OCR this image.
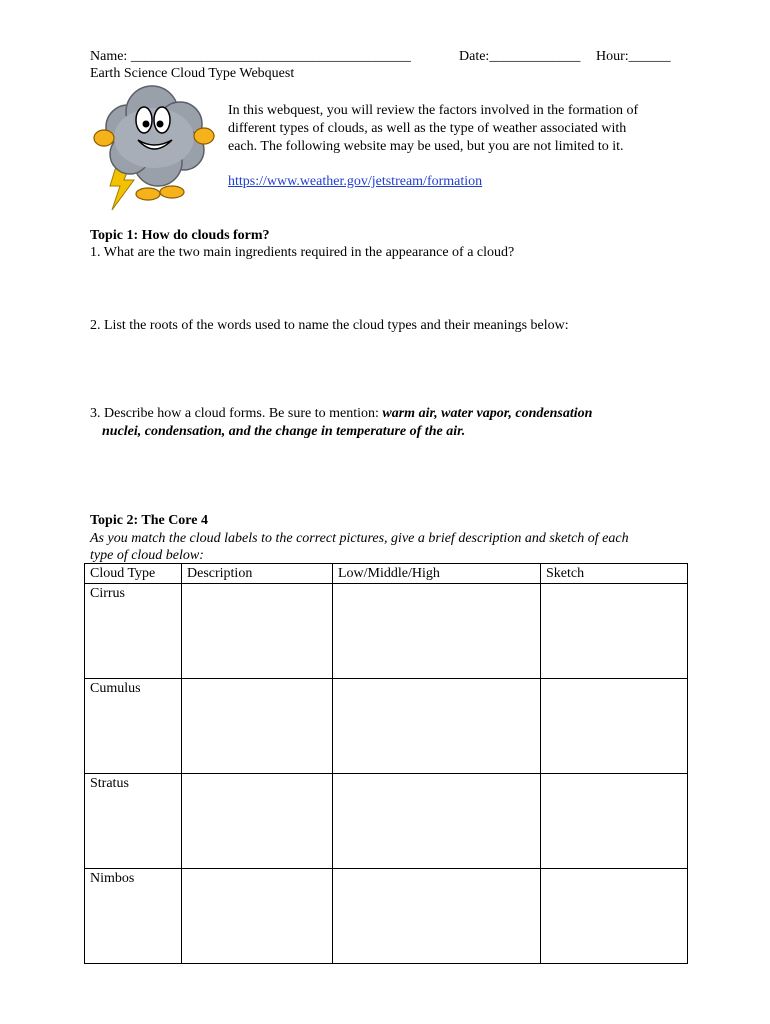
Name: ________________________________________	Date:_____________ Hour:______
Earth Science Cloud Type Webquest
In this webquest, you will review the factors involved in the formation of
different types of clouds, as well as the type of weather associated with
each. The following website may be used, but you are not limited to it.
https://www.weather.gov/jetstream/formation
Topic 1: How do clouds form?
1. What are the two main ingredients required in the appearance of a cloud?
2. List the roots of the words used to name the cloud types and their meanings below:
3. Describe how a cloud forms. Be sure to mention: warm air, water vapor, condensation
nuclei, condensation, and the change in temperature of the air.
Topic 2: The Core 4
As you match the cloud labels to the correct pictures, give a brief description and sketch of each
type of cloud below:
Cloud Type	Description	Low/Middle/High	Sketch
Cirrus			
Cumulus			
Stratus			
Nimbos			
